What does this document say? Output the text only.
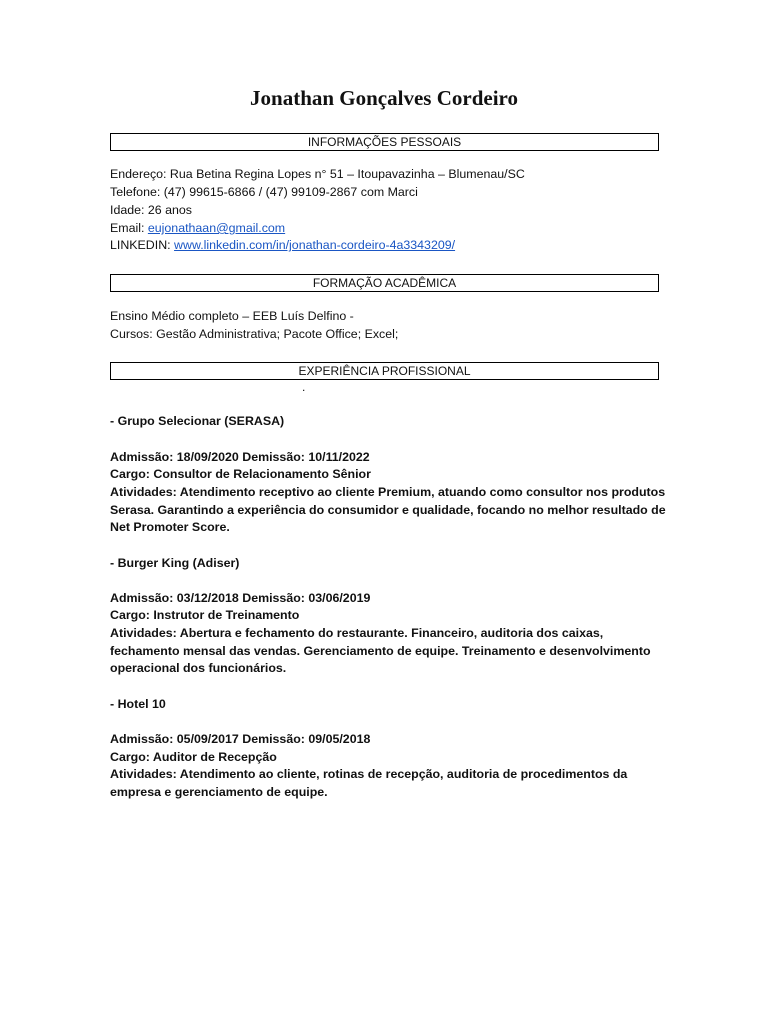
Jonathan Gonçalves Cordeiro
INFORMAÇÕES PESSOAIS
Endereço: Rua Betina Regina Lopes n° 51 – Itoupavazinha – Blumenau/SC
Telefone: (47) 99615-6866 / (47) 99109-2867 com Marci
Idade: 26 anos
Email: eujonathaan@gmail.com
LINKEDIN: www.linkedin.com/in/jonathan-cordeiro-4a3343209/
FORMAÇÃO ACADÊMICA
Ensino Médio completo – EEB Luís Delfino -
Cursos: Gestão Administrativa; Pacote Office; Excel;
EXPERIÊNCIA PROFISSIONAL
.
- Grupo Selecionar (SERASA)
Admissão: 18/09/2020 Demissão: 10/11/2022
Cargo: Consultor de Relacionamento Sênior
Atividades: Atendimento receptivo ao cliente Premium, atuando como consultor nos produtos
Serasa. Garantindo a experiência do consumidor e qualidade, focando no melhor resultado de
Net Promoter Score.
- Burger King (Adiser)
Admissão: 03/12/2018 Demissão: 03/06/2019
Cargo: Instrutor de Treinamento
Atividades: Abertura e fechamento do restaurante. Financeiro, auditoria dos caixas,
fechamento mensal das vendas. Gerenciamento de equipe. Treinamento e desenvolvimento
operacional dos funcionários.
- Hotel 10
Admissão: 05/09/2017 Demissão: 09/05/2018
Cargo: Auditor de Recepção
Atividades: Atendimento ao cliente, rotinas de recepção, auditoria de procedimentos da
empresa e gerenciamento de equipe.
